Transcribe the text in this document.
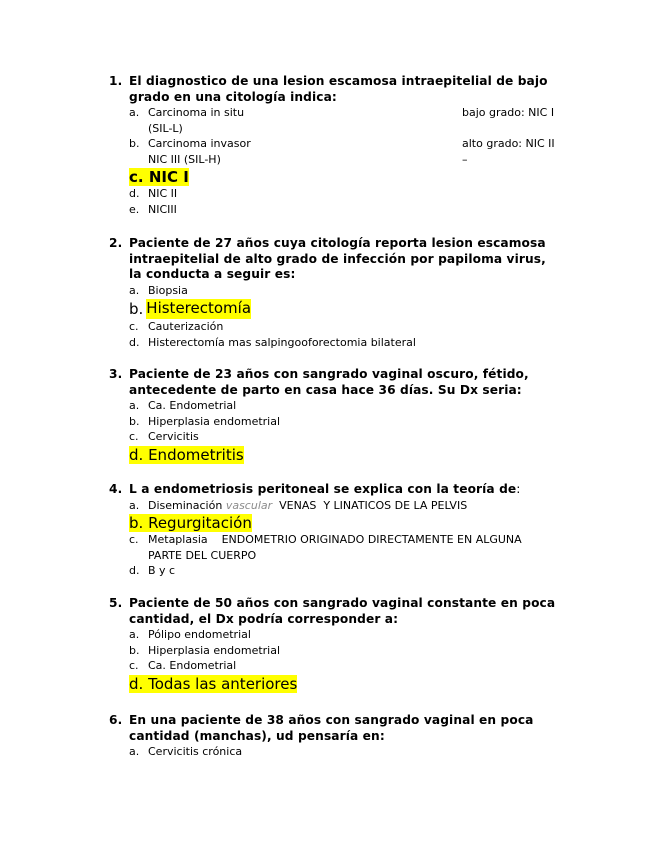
1. El diagnostico de una lesion escamosa intraepitelial de bajo grado en una citología indica:
a. Carcinoma in situ	bajo grado: NIC I

(SIL-L)
b. Carcinoma invasor	alto grado: NIC II –

NIC III (SIL-H)
c. NIC I
d. NIC II
e. NICIII
2. Paciente de 27 años cuya citología reporta lesion escamosa intraepitelial de alto grado de infección por papiloma virus, la conducta a seguir es:
a. Biopsia
b. Histerectomía
c. Cauterización
d. Histerectomía mas salpingooforectomia bilateral
3. Paciente de 23 años con sangrado vaginal oscuro, fétido, antecedente de parto en casa hace 36 días. Su Dx seria:
a. Ca. Endometrial
b. Hiperplasia endometrial
c. Cervicitis
d. Endometritis
4. L a endometriosis peritoneal se explica con la teoría de:
a. Diseminación vascular  VENAS  Y LINATICOS DE LA PELVIS
b. Regurgitación
c. Metaplasia    ENDOMETRIO ORIGINADO DIRECTAMENTE EN ALGUNA PARTE DEL CUERPO
d. B y c
5. Paciente de 50 años con sangrado vaginal constante en poca cantidad, el Dx podría corresponder a:
a. Pólipo endometrial
b. Hiperplasia endometrial
c. Ca. Endometrial
d. Todas las anteriores
6. En una paciente de 38 años con sangrado vaginal en poca cantidad (manchas), ud pensaría en:
a. Cervicitis crónica
